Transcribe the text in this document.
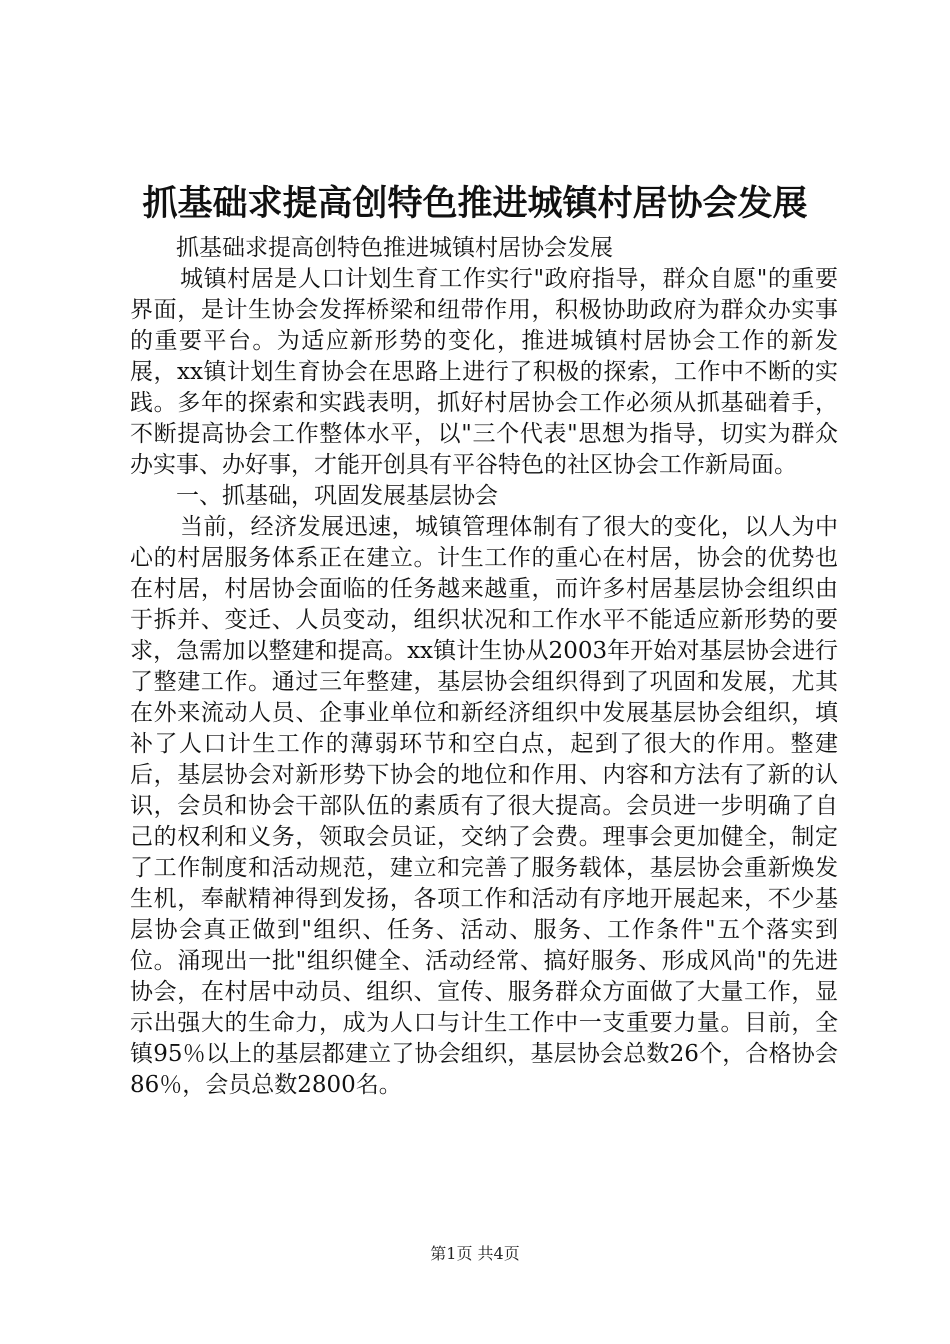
抓基础求提高创特色推进城镇村居协会发展

抓基础求提高创特色推进城镇村居协会发展

城镇村居是人口计划生育工作实行"政府指导，群众自愿"的重要界面，是计生协会发挥桥梁和纽带作用，积极协助政府为群众办实事的重要平台。为适应新形势的变化，推进城镇村居协会工作的新发展，xx镇计划生育协会在思路上进行了积极的探索，工作中不断的实践。多年的探索和实践表明，抓好村居协会工作必须从抓基础着手，不断提高协会工作整体水平，以"三个代表"思想为指导，切实为群众办实事、办好事，才能开创具有平谷特色的社区协会工作新局面。

一、抓基础，巩固发展基层协会

当前，经济发展迅速，城镇管理体制有了很大的变化，以人为中心的村居服务体系正在建立。计生工作的重心在村居，协会的优势也在村居，村居协会面临的任务越来越重，而许多村居基层协会组织由于拆并、变迁、人员变动，组织状况和工作水平不能适应新形势的要求，急需加以整建和提高。xx镇计生协从2003年开始对基层协会进行了整建工作。通过三年整建，基层协会组织得到了巩固和发展，尤其在外来流动人员、企事业单位和新经济组织中发展基层协会组织，填补了人口计生工作的薄弱环节和空白点，起到了很大的作用。整建后，基层协会对新形势下协会的地位和作用、内容和方法有了新的认识，会员和协会干部队伍的素质有了很大提高。会员进一步明确了自己的权利和义务，领取会员证，交纳了会费。理事会更加健全，制定了工作制度和活动规范，建立和完善了服务载体，基层协会重新焕发生机，奉献精神得到发扬，各项工作和活动有序地开展起来，不少基层协会真正做到"组织、任务、活动、服务、工作条件"五个落实到位。涌现出一批"组织健全、活动经常、搞好服务、形成风尚"的先进协会，在村居中动员、组织、宣传、服务群众方面做了大量工作，显示出强大的生命力，成为人口与计生工作中一支重要力量。目前，全镇95％以上的基层都建立了协会组织，基层协会总数26个，合格协会86％，会员总数2800名。

第1页 共4页
